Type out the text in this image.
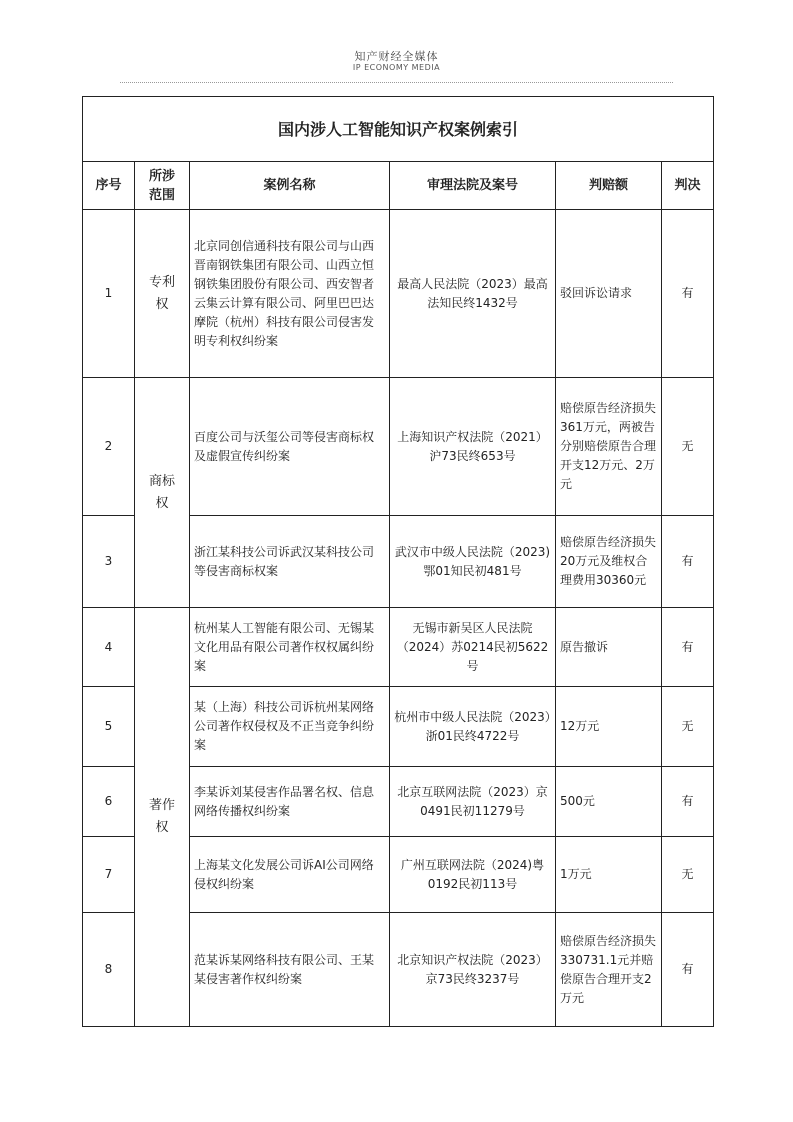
知产财经全媒体
IP ECONOMY MEDIA
国内涉人工智能知识产权案例索引					
序号	所涉范围	案例名称	审理法院及案号	判赔额	判决
1	专利权	北京同创信通科技有限公司与山西晋南钢铁集团有限公司、山西立恒钢铁集团股份有限公司、西安智者云集云计算有限公司、阿里巴巴达摩院（杭州）科技有限公司侵害发明专利权纠纷案	最高人民法院（2023）最高法知民终1432号	驳回诉讼请求	有
2	商标权	百度公司与沃玺公司等侵害商标权及虚假宣传纠纷案	上海知识产权法院（2021）沪73民终653号	赔偿原告经济损失361万元，两被告分别赔偿原告合理开支12万元、2万元	无
3		浙江某科技公司诉武汉某科技公司等侵害商标权案	武汉市中级人民法院（2023)鄂01知民初481号	赔偿原告经济损失20万元及维权合理费用30360元	有
4	著作权	杭州某人工智能有限公司、无锡某文化用品有限公司著作权权属纠纷案	无锡市新吴区人民法院（2024）苏0214民初5622号	原告撤诉	有
5		某（上海）科技公司诉杭州某网络公司著作权侵权及不正当竞争纠纷案	杭州市中级人民法院（2023）浙01民终4722号	12万元	无
6		李某诉刘某侵害作品署名权、信息网络传播权纠纷案	北京互联网法院（2023）京0491民初11279号	500元	有
7		上海某文化发展公司诉AI公司网络侵权纠纷案	广州互联网法院（2024)粤0192民初113号	1万元	无
8		范某诉某网络科技有限公司、王某某侵害著作权纠纷案	北京知识产权法院（2023）京73民终3237号	赔偿原告经济损失330731.1元并赔偿原告合理开支2万元	有
